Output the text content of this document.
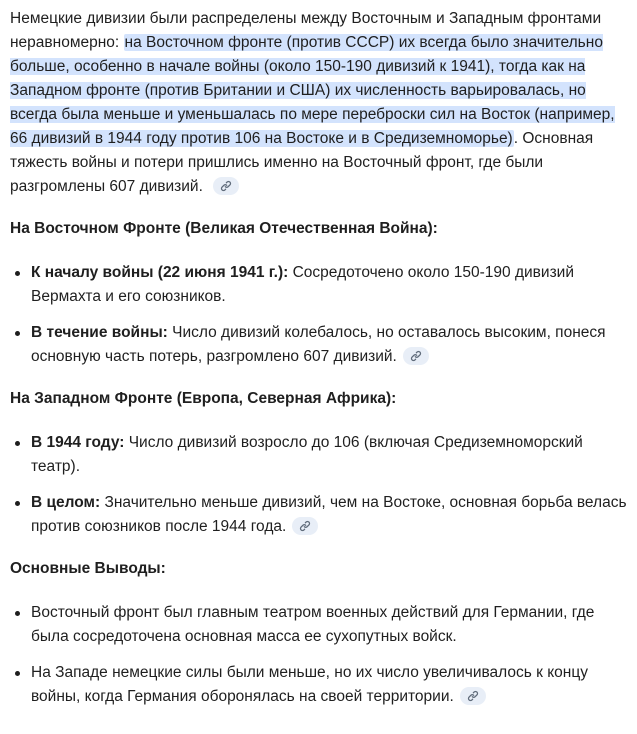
Немецкие дивизии были распределены между Восточным и Западным фронтами неравномерно: на Восточном фронте (против СССР) их всегда было значительно больше, особенно в начале войны (около 150-190 дивизий к 1941), тогда как на Западном фронте (против Британии и США) их численность варьировалась, но всегда была меньше и уменьшалась по мере переброски сил на Восток (например, 66 дивизий в 1944 году против 106 на Востоке и в Средиземноморье). Основная тяжесть войны и потери пришлись именно на Восточный фронт, где были разгромлены 607 дивизий.

На Восточном Фронте (Великая Отечественная Война):
К началу войны (22 июня 1941 г.): Сосредоточено около 150-190 дивизий Вермахта и его союзников.
В течение войны: Число дивизий колебалось, но оставалось высоким, понеся основную часть потерь, разгромлено 607 дивизий.
На Западном Фронте (Европа, Северная Африка):
В 1944 году: Число дивизий возросло до 106 (включая Средиземноморский театр).
В целом: Значительно меньше дивизий, чем на Востоке, основная борьба велась против союзников после 1944 года.
Основные Выводы:
Восточный фронт был главным театром военных действий для Германии, где была сосредоточена основная масса ее сухопутных войск.
На Западе немецкие силы были меньше, но их число увеличивалось к концу войны, когда Германия оборонялась на своей территории.
